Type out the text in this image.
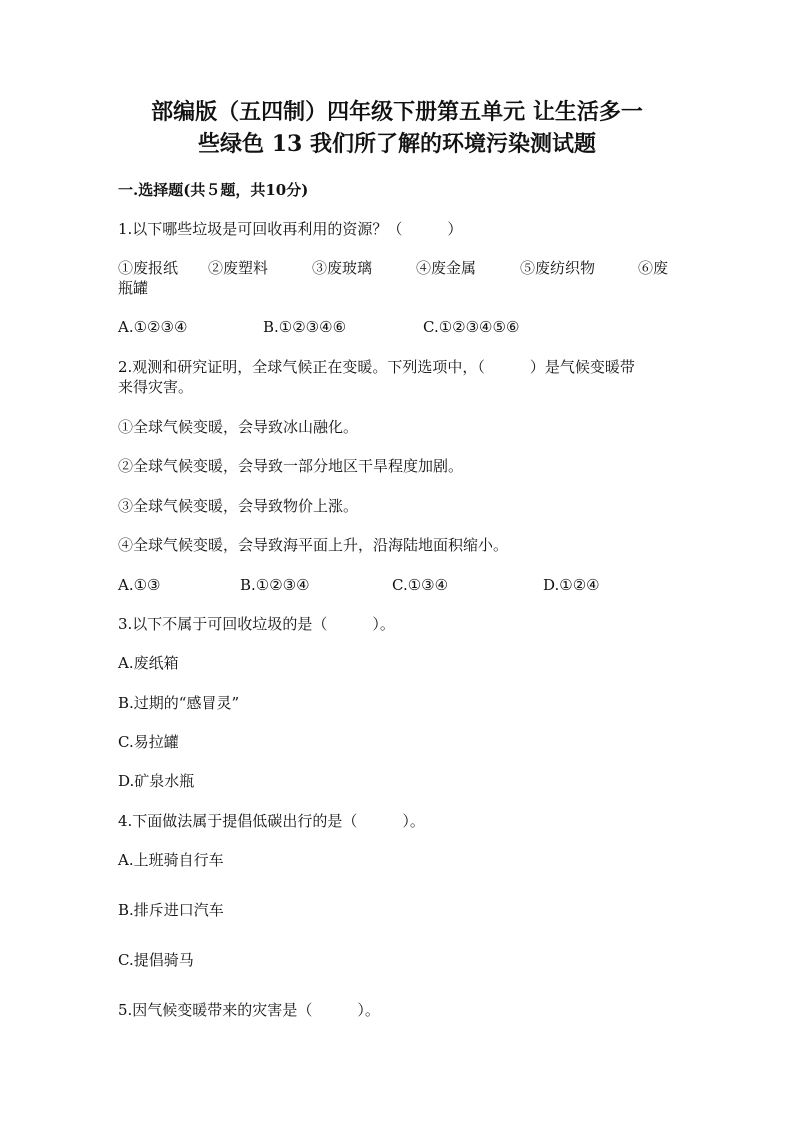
部编版（五四制）四年级下册第五单元 让生活多一
些绿色 13 我们所了解的环境污染测试题

一.选择题(共５题，共10分)

1.以下哪些垃圾是可回收再利用的资源？（　　　）

①废报纸 ②废塑料	③废玻璃	④废金属	⑤废纺织物	⑥废

瓶罐

A.①②③④	B.①②③④⑥	C.①②③④⑤⑥

2.观测和研究证明，全球气候正在变暖。下列选项中，（　　　）是气候变暖带

来得灾害。

①全球气候变暖，会导致冰山融化。

②全球气候变暖，会导致一部分地区干旱程度加剧。

③全球气候变暖，会导致物价上涨。

④全球气候变暖，会导致海平面上升，沿海陆地面积缩小。

A.①③	B.①②③④	C.①③④	D.①②④

3.以下不属于可回收垃圾的是（　　　）。

A.废纸箱

B.过期的“感冒灵”

C.易拉罐

D.矿泉水瓶

4.下面做法属于提倡低碳出行的是（　　　）。

A.上班骑自行车

B.排斥进口汽车

C.提倡骑马

5.因气候变暖带来的灾害是（　　　）。
